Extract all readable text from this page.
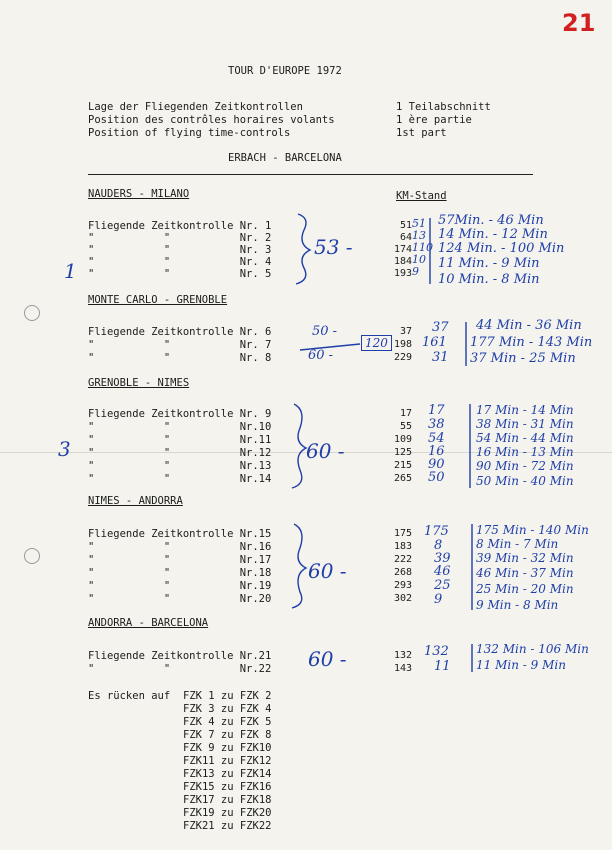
21
TOUR D'EUROPE 1972
Lage der Fliegenden Zeitkontrollen
Position des contrôles horaires volants
Position of flying time-controls
1 Teilabschnitt
1 ère partie
1st part
ERBACH - BARCELONA
NAUDERS - MILANO	KM-Stand
MONTE CARLO - GRENOBLE
GRENOBLE - NIMES
NIMES - ANDORRA
ANDORRA - BARCELONA
Fliegende Zeitkontrolle Nr. 1
"           "           Nr. 2
"           "           Nr. 3
"           "           Nr. 4
"           "           Nr. 5
51
64
174
184
193
51
13
110
10
9
57Min. - 46 Min
14 Min. - 12 Min
124 Min. - 100 Min
11 Min. - 9 Min
10 Min. - 8 Min
53 -
1
Fliegende Zeitkontrolle Nr. 6
"           "           Nr. 7
"           "           Nr. 8
37
198
229
37
161
31
44 Min - 36 Min
177 Min - 143 Min
37 Min - 25 Min
50 -
60 -
120
Fliegende Zeitkontrolle Nr. 9
"           "           Nr.10
"           "           Nr.11
"           "           Nr.12
"           "           Nr.13
"           "           Nr.14
17
55
109
125
215
265
17
38
54
16
90
50
17 Min - 14 Min
38 Min - 31 Min
54 Min - 44 Min
16 Min - 13 Min
90 Min - 72 Min
50 Min - 40 Min
60 -
3
Fliegende Zeitkontrolle Nr.15
"           "           Nr.16
"           "           Nr.17
"           "           Nr.18
"           "           Nr.19
"           "           Nr.20
175
183
222
268
293
302
175
8
39
46
25
9
175 Min - 140 Min
8 Min - 7 Min
39 Min - 32 Min
46 Min - 37 Min
25 Min - 20 Min
9 Min - 8 Min
60 -
Fliegende Zeitkontrolle Nr.21
"           "           Nr.22
132
143
132
11
132 Min - 106 Min
11 Min - 9 Min
60 -
Es rücken auf FZK 1 zu FZK 2
FZK 3 zu FZK 4
FZK 4 zu FZK 5
FZK 7 zu FZK 8
FZK 9 zu FZK10
FZK11 zu FZK12
FZK13 zu FZK14
FZK15 zu FZK16
FZK17 zu FZK18
FZK19 zu FZK20
FZK21 zu FZK22
